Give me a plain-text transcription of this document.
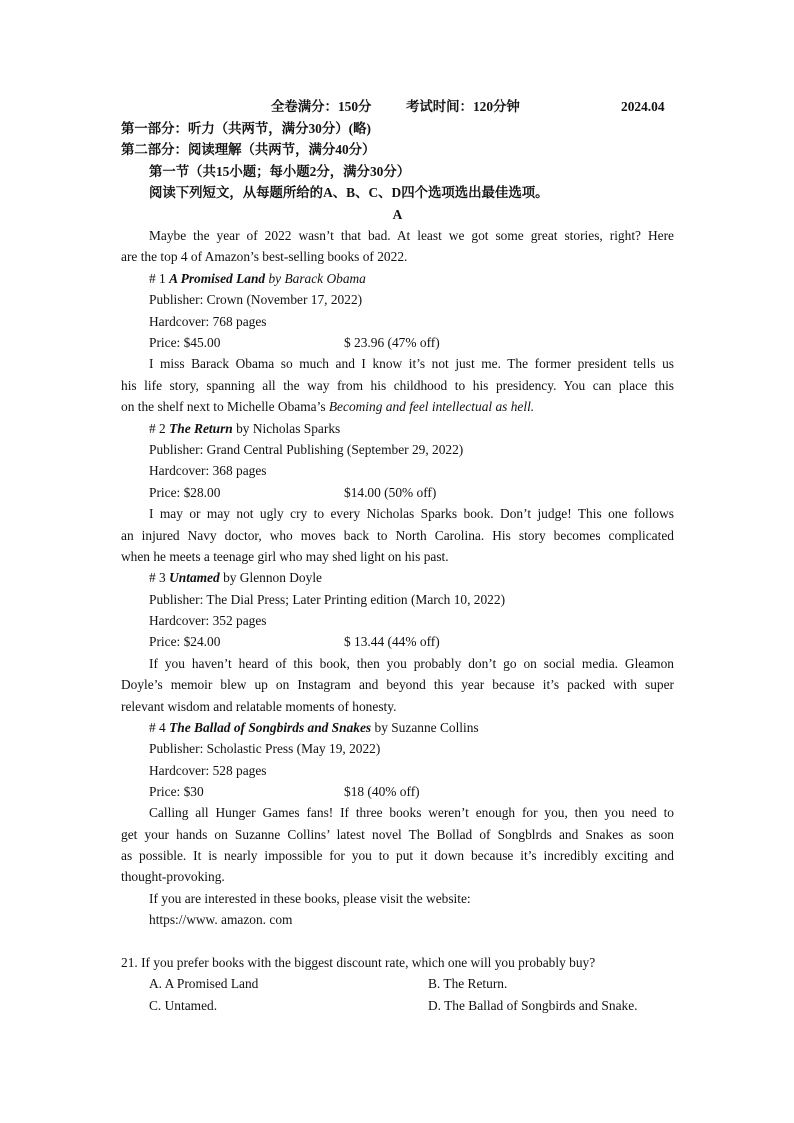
全卷满分：150分	考试时间：120分钟	2024.04
第一部分：听力（共两节，满分30分）(略)
第二部分：阅读理解（共两节，满分40分）
第一节（共15小题；每小题2分，满分30分）
阅读下列短文，从每题所给的A、B、C、D四个选项选出最佳选项。
A
Maybe the year of 2022 wasn’t that bad. At least we got some great stories, right? Here
are the top 4 of Amazon’s best-selling books of 2022.
# 1 A Promised Land by Barack Obama
Publisher: Crown (November 17, 2022)
Hardcover: 768 pages
Price: $45.00	$ 23.96 (47% off)
I miss Barack Obama so much and I know it’s not just me. The former president tells us
his life story, spanning all the way from his childhood to his presidency. You can place this
on the shelf next to Michelle Obama’s Becoming and feel intellectual as hell.
# 2 The Return by Nicholas Sparks
Publisher: Grand Central Publishing (September 29, 2022)
Hardcover: 368 pages
Price: $28.00	$14.00 (50% off)
I may or may not ugly cry to every Nicholas Sparks book. Don’t judge! This one follows
an injured Navy doctor, who moves back to North Carolina. His story becomes complicated
when he meets a teenage girl who may shed light on his past.
# 3 Untamed by Glennon Doyle
Publisher: The Dial Press; Later Printing edition (March 10, 2022)
Hardcover: 352 pages
Price: $24.00	$ 13.44 (44% off)
If you haven’t heard of this book, then you probably don’t go on social media. Gleamon
Doyle’s memoir blew up on Instagram and beyond this year because it’s packed with super
relevant wisdom and relatable moments of honesty.
# 4 The Ballad of Songbirds and Snakes by Suzanne Collins
Publisher: Scholastic Press (May 19, 2022)
Hardcover: 528 pages
Price: $30	$18 (40% off)
Calling all Hunger Games fans! If three books weren’t enough for you, then you need to
get your hands on Suzanne Collins’ latest novel The Bollad of Songblrds and Snakes as soon
as possible. It is nearly impossible for you to put it down because it’s incredibly exciting and
thought-provoking.
If you are interested in these books, please visit the website:
https://www. amazon. com
21. If you prefer books with the biggest discount rate, which one will you probably buy?
A. A Promised Land	B. The Return.
C. Untamed.	D. The Ballad of Songbirds and Snake.
